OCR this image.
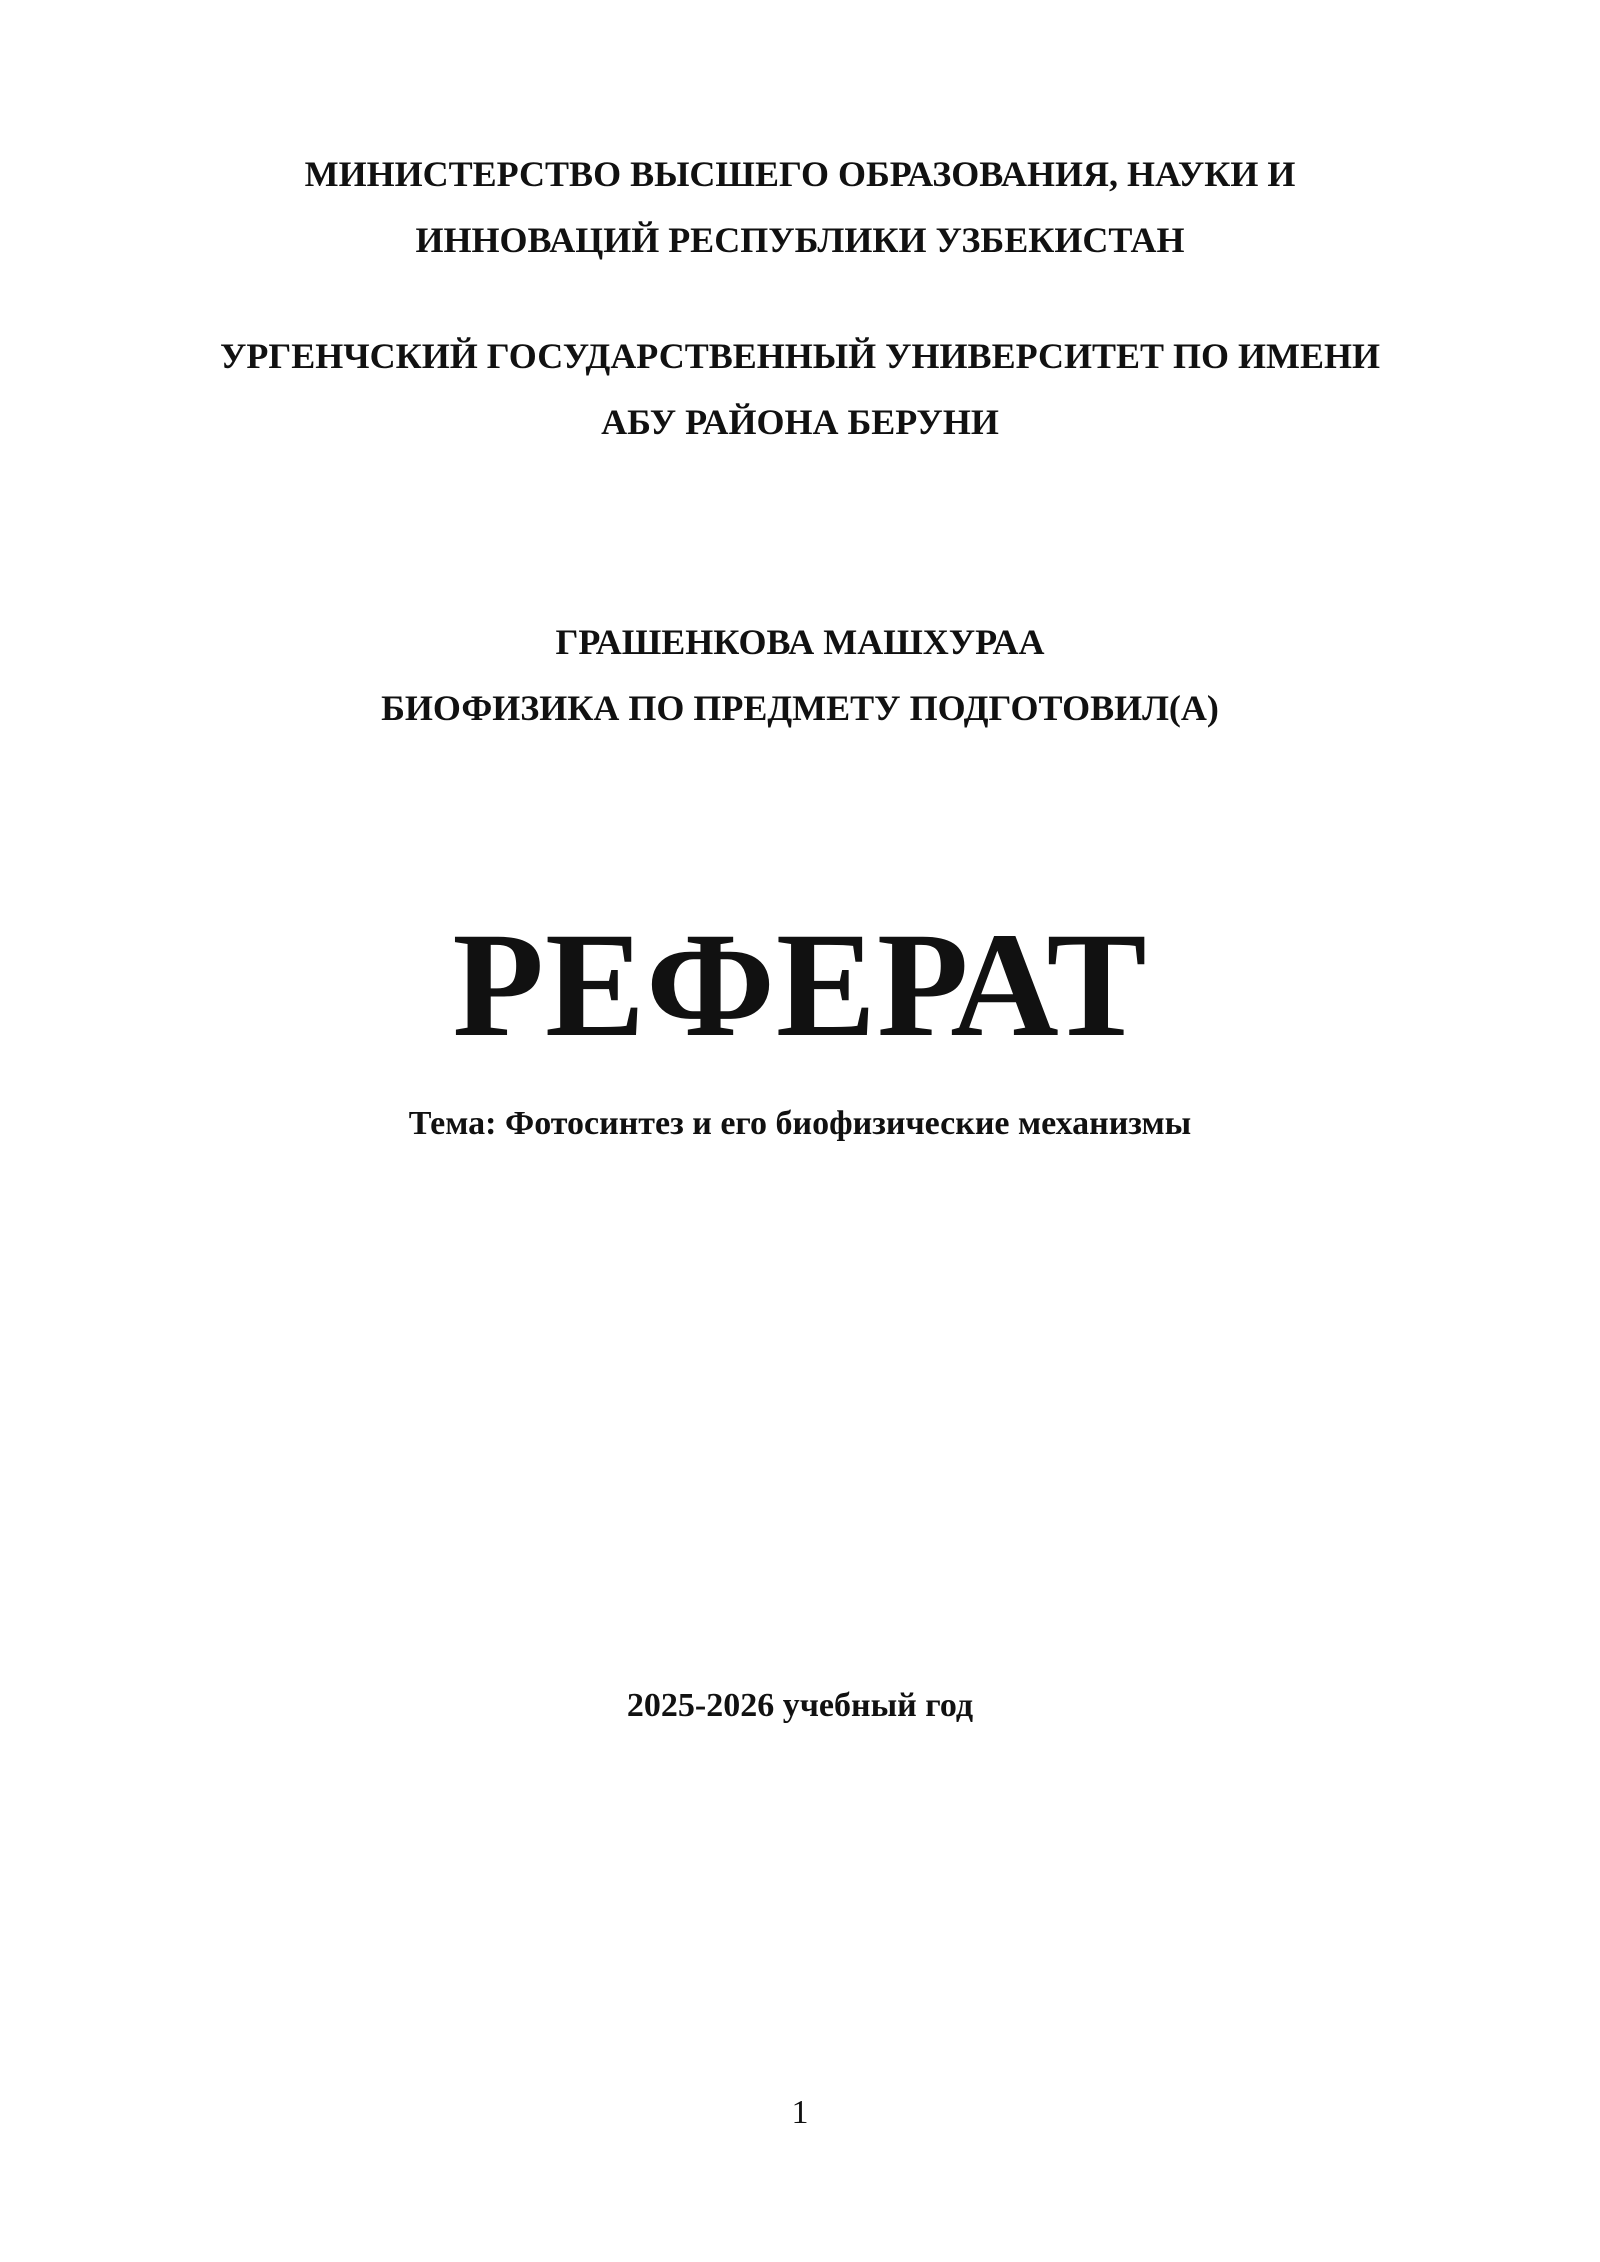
МИНИСТЕРСТВО ВЫСШЕГО ОБРАЗОВАНИЯ, НАУКИ И
ИННОВАЦИЙ РЕСПУБЛИКИ УЗБЕКИСТАН
УРГЕНЧСКИЙ ГОСУДАРСТВЕННЫЙ УНИВЕРСИТЕТ ПО ИМЕНИ
АБУ РАЙОНА БЕРУНИ
ГРАШЕНКОВА МАШХУРАА
БИОФИЗИКА ПО ПРЕДМЕТУ ПОДГОТОВИЛ(А)
РЕФЕРАТ
Тема: Фотосинтез и его биофизические механизмы
2025-2026 учебный год
1
